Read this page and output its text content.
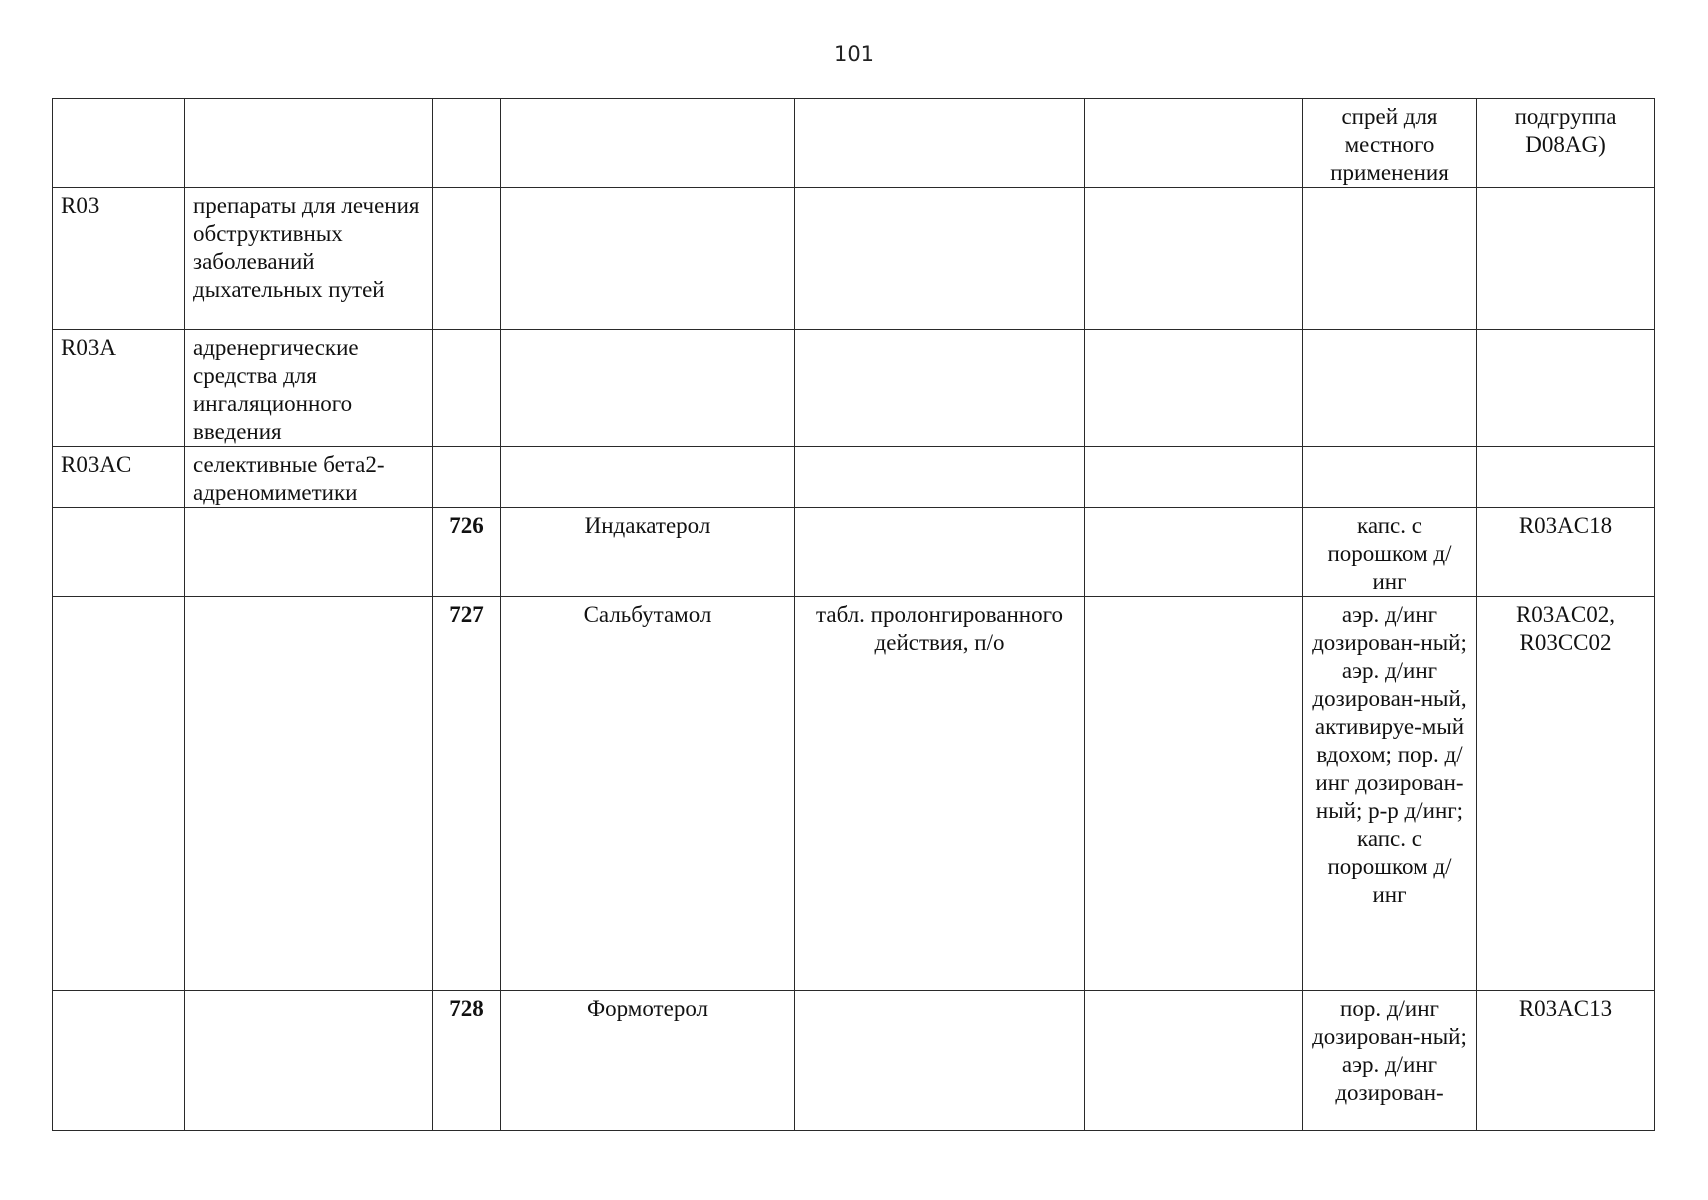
101
						спрей для местного применения	подгруппа D08AG)
R03	препараты для лечения обструктивных заболеваний дыхательных путей						
R03A	адренергические средства для ингаляционного введения						
R03AC	селективные бета2-адреномиметики						
		726	Индакатерол			капс. с порошком д/инг	R03AC18
		727	Сальбутамол	табл. пролонгированного действия, п/о		аэр. д/инг дозирован-ный; аэр. д/инг дозирован-ный, активируе-мый вдохом; пор. д/инг дозирован-ный; р-р д/инг; капс. с порошком д/инг	R03AC02, R03CC02
		728	Формотерол			пор. д/инг дозирован-ный; аэр. д/инг дозирован-	R03AC13
